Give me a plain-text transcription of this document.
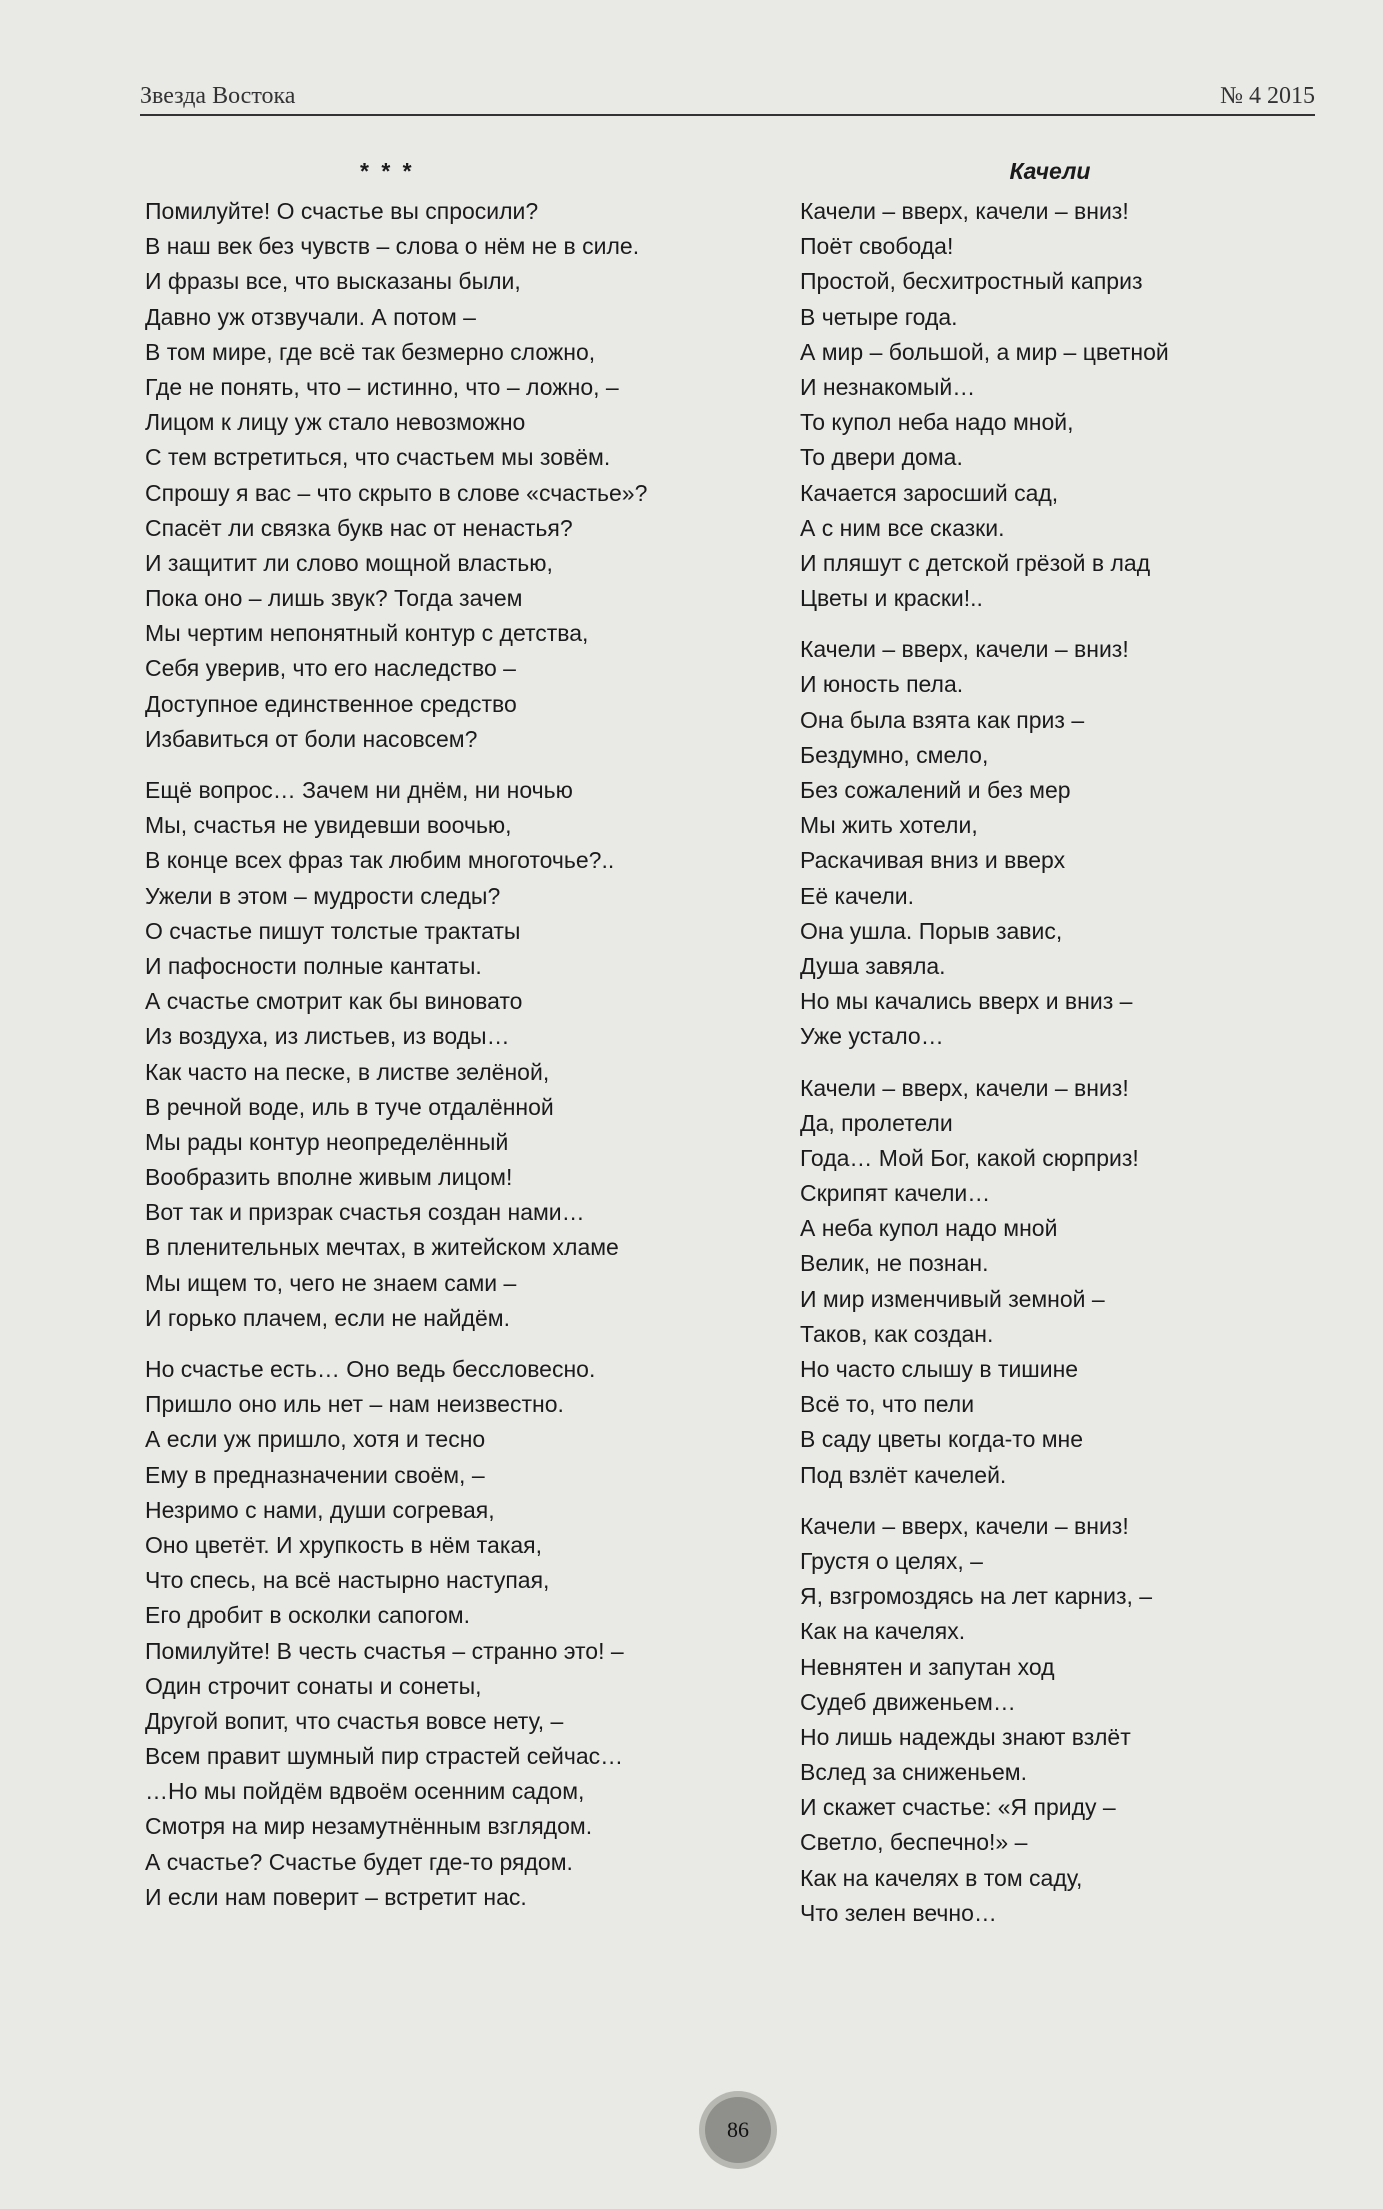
Звезда Востока	№ 4 2015
* * *
Помилуйте! О счастье вы спросили?
В наш век без чувств – слова о нём не в силе.
И фразы все, что высказаны были,
Давно уж отзвучали. А потом –
В том мире, где всё так безмерно сложно,
Где не понять, что – истинно, что – ложно, –
Лицом к лицу уж стало невозможно
С тем встретиться, что счастьем мы зовём.
Спрошу я вас – что скрыто в слове «счастье»?
Спасёт ли связка букв нас от ненастья?
И защитит ли слово мощной властью,
Пока оно – лишь звук? Тогда зачем
Мы чертим непонятный контур с детства,
Себя уверив, что его наследство –
Доступное единственное средство
Избавиться от боли насовсем?
Ещё вопрос… Зачем ни днём, ни ночью
Мы, счастья не увидевши воочью,
В конце всех фраз так любим многоточье?..
Ужели в этом – мудрости следы?
О счастье пишут толстые трактаты
И пафосности полные кантаты.
А счастье смотрит как бы виновато
Из воздуха, из листьев, из воды…
Как часто на песке, в листве зелёной,
В речной воде, иль в туче отдалённой
Мы рады контур неопределённый
Вообразить вполне живым лицом!
Вот так и призрак счастья создан нами…
В пленительных мечтах, в житейском хламе
Мы ищем то, чего не знаем сами –
И горько плачем, если не найдём.
Но счастье есть… Оно ведь бессловесно.
Пришло оно иль нет – нам неизвестно.
А если уж пришло, хотя и тесно
Ему в предназначении своём, –
Незримо с нами, души согревая,
Оно цветёт. И хрупкость в нём такая,
Что спесь, на всё настырно наступая,
Его дробит в осколки сапогом.
Помилуйте! В честь счастья – странно это! –
Один строчит сонаты и сонеты,
Другой вопит, что счастья вовсе нету, –
Всем правит шумный пир страстей сейчас…
…Но мы пойдём вдвоём осенним садом,
Смотря на мир незамутнённым взглядом.
А счастье? Счастье будет где-то рядом.
И если нам поверит – встретит нас.
Качели
Качели – вверх, качели – вниз!
Поёт свобода!
Простой, бесхитростный каприз
В четыре года.
А мир – большой, а мир – цветной
И незнакомый…
То купол неба надо мной,
То двери дома.
Качается заросший сад,
А с ним все сказки.
И пляшут с детской грёзой в лад
Цветы и краски!..
Качели – вверх, качели – вниз!
И юность пела.
Она была взята как приз –
Бездумно, смело,
Без сожалений и без мер
Мы жить хотели,
Раскачивая вниз и вверх
Её качели.
Она ушла. Порыв завис,
Душа завяла.
Но мы качались вверх и вниз –
Уже устало…
Качели – вверх, качели – вниз!
Да, пролетели
Года… Мой Бог, какой сюрприз!
Скрипят качели…
А неба купол надо мной
Велик, не познан.
И мир изменчивый земной –
Таков, как создан.
Но часто слышу в тишине
Всё то, что пели
В саду цветы когда-то мне
Под взлёт качелей.
Качели – вверх, качели – вниз!
Грустя о целях, –
Я, взгромоздясь на лет карниз, –
Как на качелях.
Невнятен и запутан ход
Судеб движеньем…
Но лишь надежды знают взлёт
Вслед за сниженьем.
И скажет счастье: «Я приду –
Светло, беспечно!» –
Как на качелях в том саду,
Что зелен вечно…
86
